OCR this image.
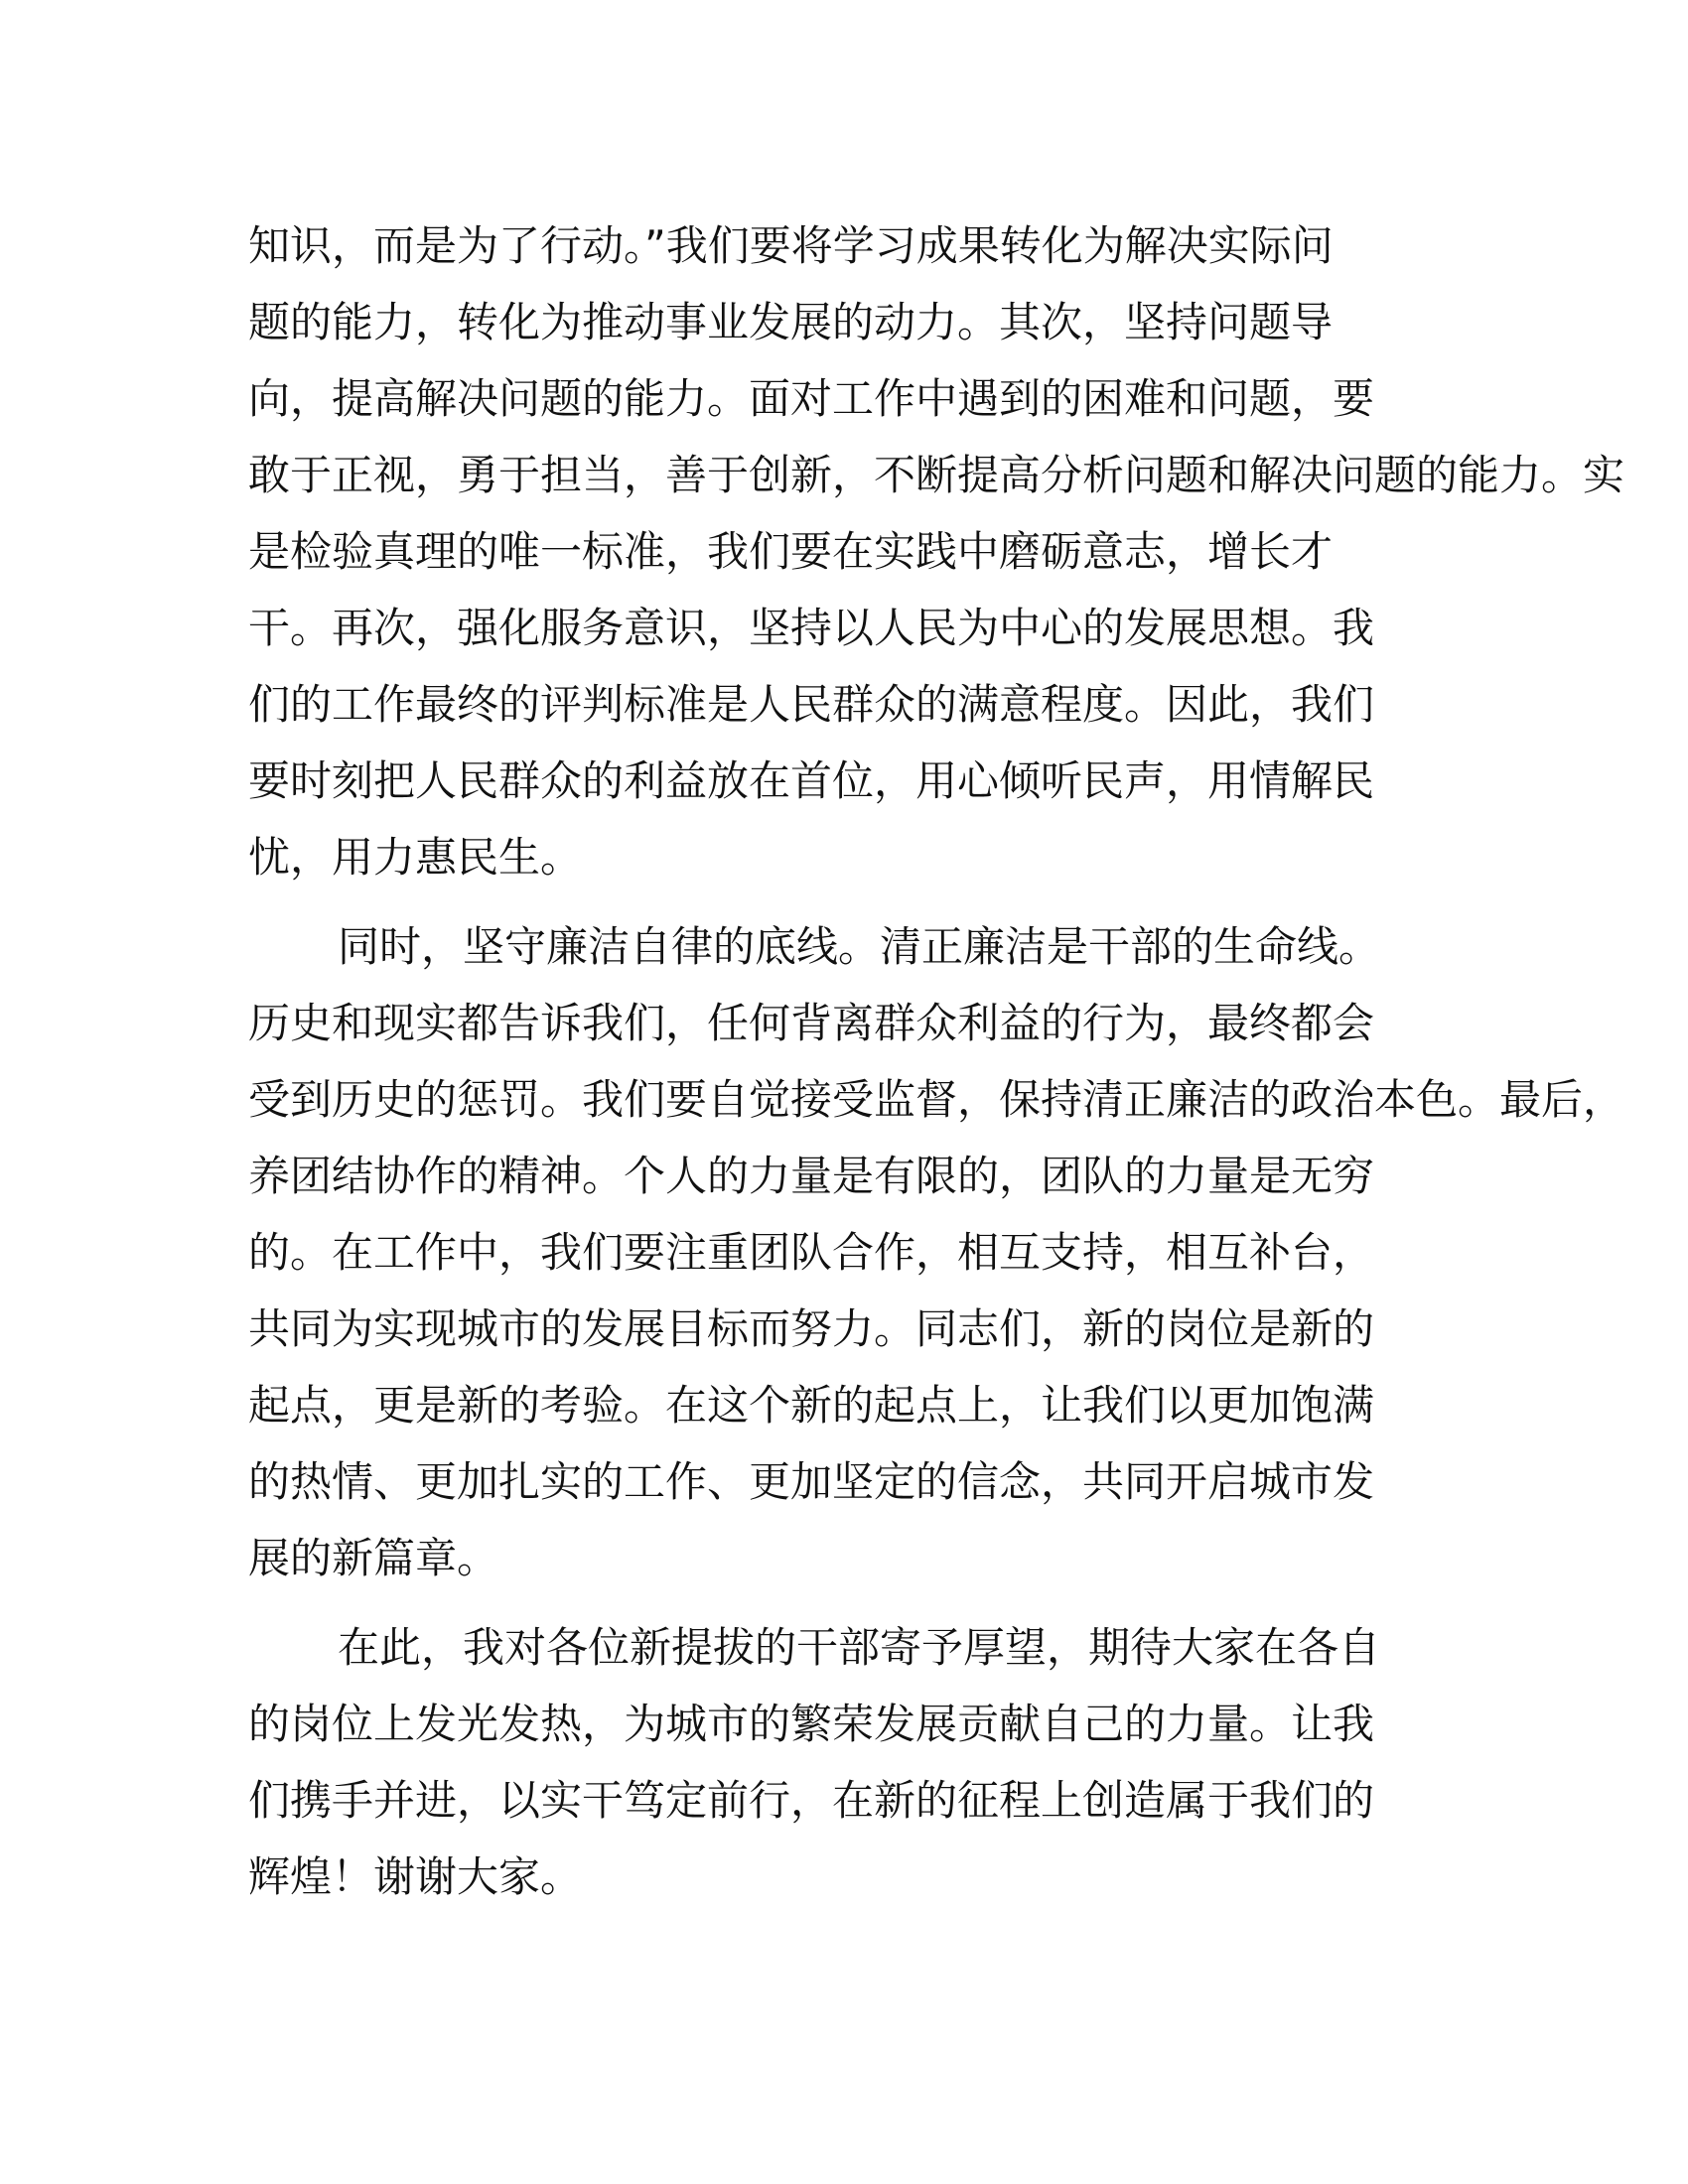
知识，而是为了行动。”我们要将学习成果转化为解决实际问
题的能力，转化为推动事业发展的动力。其次，坚持问题导
向，提高解决问题的能力。面对工作中遇到的困难和问题，要
敢于正视，勇于担当，善于创新，不断提高分析问题和解决问题的能力。实
是检验真理的唯一标准，我们要在实践中磨砺意志，增长才
干。再次，强化服务意识，坚持以人民为中心的发展思想。我
们的工作最终的评判标准是人民群众的满意程度。因此，我们
要时刻把人民群众的利益放在首位，用心倾听民声，用情解民
忧，用力惠民生。
同时，坚守廉洁自律的底线。清正廉洁是干部的生命线。
历史和现实都告诉我们，任何背离群众利益的行为，最终都会
受到历史的惩罚。我们要自觉接受监督，保持清正廉洁的政治本色。最后，
养团结协作的精神。个人的力量是有限的，团队的力量是无穷
的。在工作中，我们要注重团队合作，相互支持，相互补台，
共同为实现城市的发展目标而努力。同志们，新的岗位是新的
起点，更是新的考验。在这个新的起点上，让我们以更加饱满
的热情、更加扎实的工作、更加坚定的信念，共同开启城市发
展的新篇章。
在此，我对各位新提拔的干部寄予厚望，期待大家在各自
的岗位上发光发热，为城市的繁荣发展贡献自己的力量。让我
们携手并进，以实干笃定前行，在新的征程上创造属于我们的
辉煌！谢谢大家。
